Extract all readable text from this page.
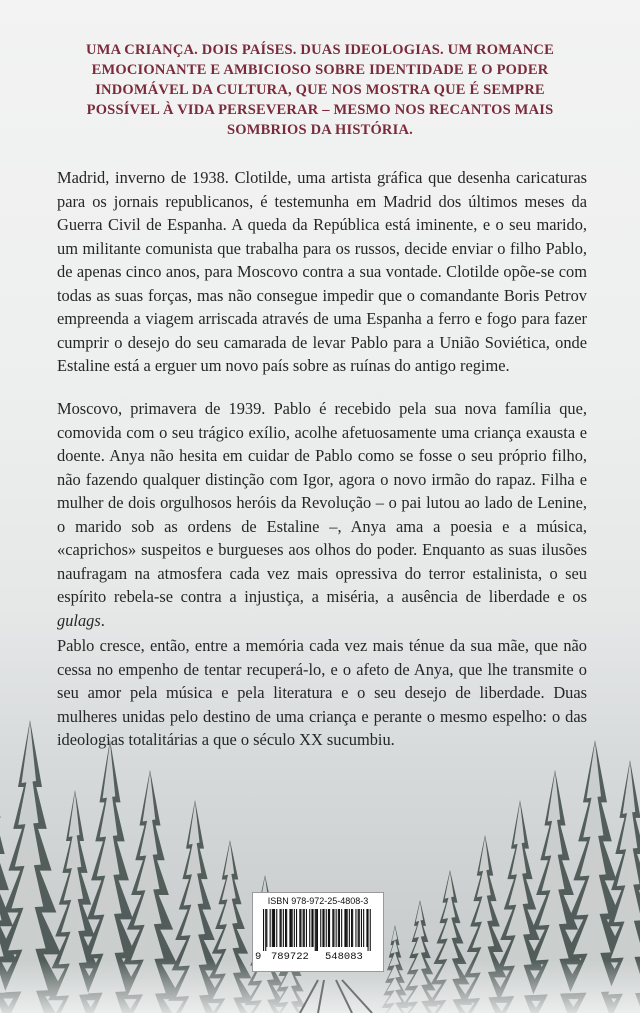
UMA CRIANÇA. DOIS PAÍSES. DUAS IDEOLOGIAS. UM ROMANCE EMOCIONANTE E AMBICIOSO SOBRE IDENTIDADE E O PODER INDOMÁVEL DA CULTURA, QUE NOS MOSTRA QUE É SEMPRE POSSÍVEL À VIDA PERSEVERAR – MESMO NOS RECANTOS MAIS SOMBRIOS DA HISTÓRIA.
Madrid, inverno de 1938. Clotilde, uma artista gráfica que desenha caricaturas para os jornais republicanos, é testemunha em Madrid dos últimos meses da Guerra Civil de Espanha. A queda da República está iminente, e o seu marido, um militante comunista que trabalha para os russos, decide enviar o filho Pablo, de apenas cinco anos, para Moscovo contra a sua vontade. Clotilde opõe-se com todas as suas forças, mas não consegue impedir que o comandante Boris Petrov empreenda a viagem arriscada através de uma Espanha a ferro e fogo para fazer cumprir o desejo do seu camarada de levar Pablo para a União Soviética, onde Estaline está a erguer um novo país sobre as ruínas do antigo regime.
Moscovo, primavera de 1939. Pablo é recebido pela sua nova família que, comovida com o seu trágico exílio, acolhe afetuosamente uma criança exausta e doente. Anya não hesita em cuidar de Pablo como se fosse o seu próprio filho, não fazendo qualquer distinção com Igor, agora o novo irmão do rapaz. Filha e mulher de dois orgulhosos heróis da Revolução – o pai lutou ao lado de Lenine, o marido sob as ordens de Estaline –, Anya ama a poesia e a música, «caprichos» suspeitos e burgueses aos olhos do poder. Enquanto as suas ilusões naufragam na atmosfera cada vez mais opressiva do terror estalinista, o seu espírito rebela-se contra a injustiça, a miséria, a ausência de liberdade e os gulags.
Pablo cresce, então, entre a memória cada vez mais ténue da sua mãe, que não cessa no empenho de tentar recuperá-lo, e o afeto de Anya, que lhe transmite o seu amor pela música e pela literatura e o seu desejo de liberdade. Duas mulheres unidas pelo destino de uma criança e perante o mesmo espelho: o das ideologias totalitárias a que o século XX sucumbiu.
ISBN 978-972-25-4808-3
9 789722 548083
